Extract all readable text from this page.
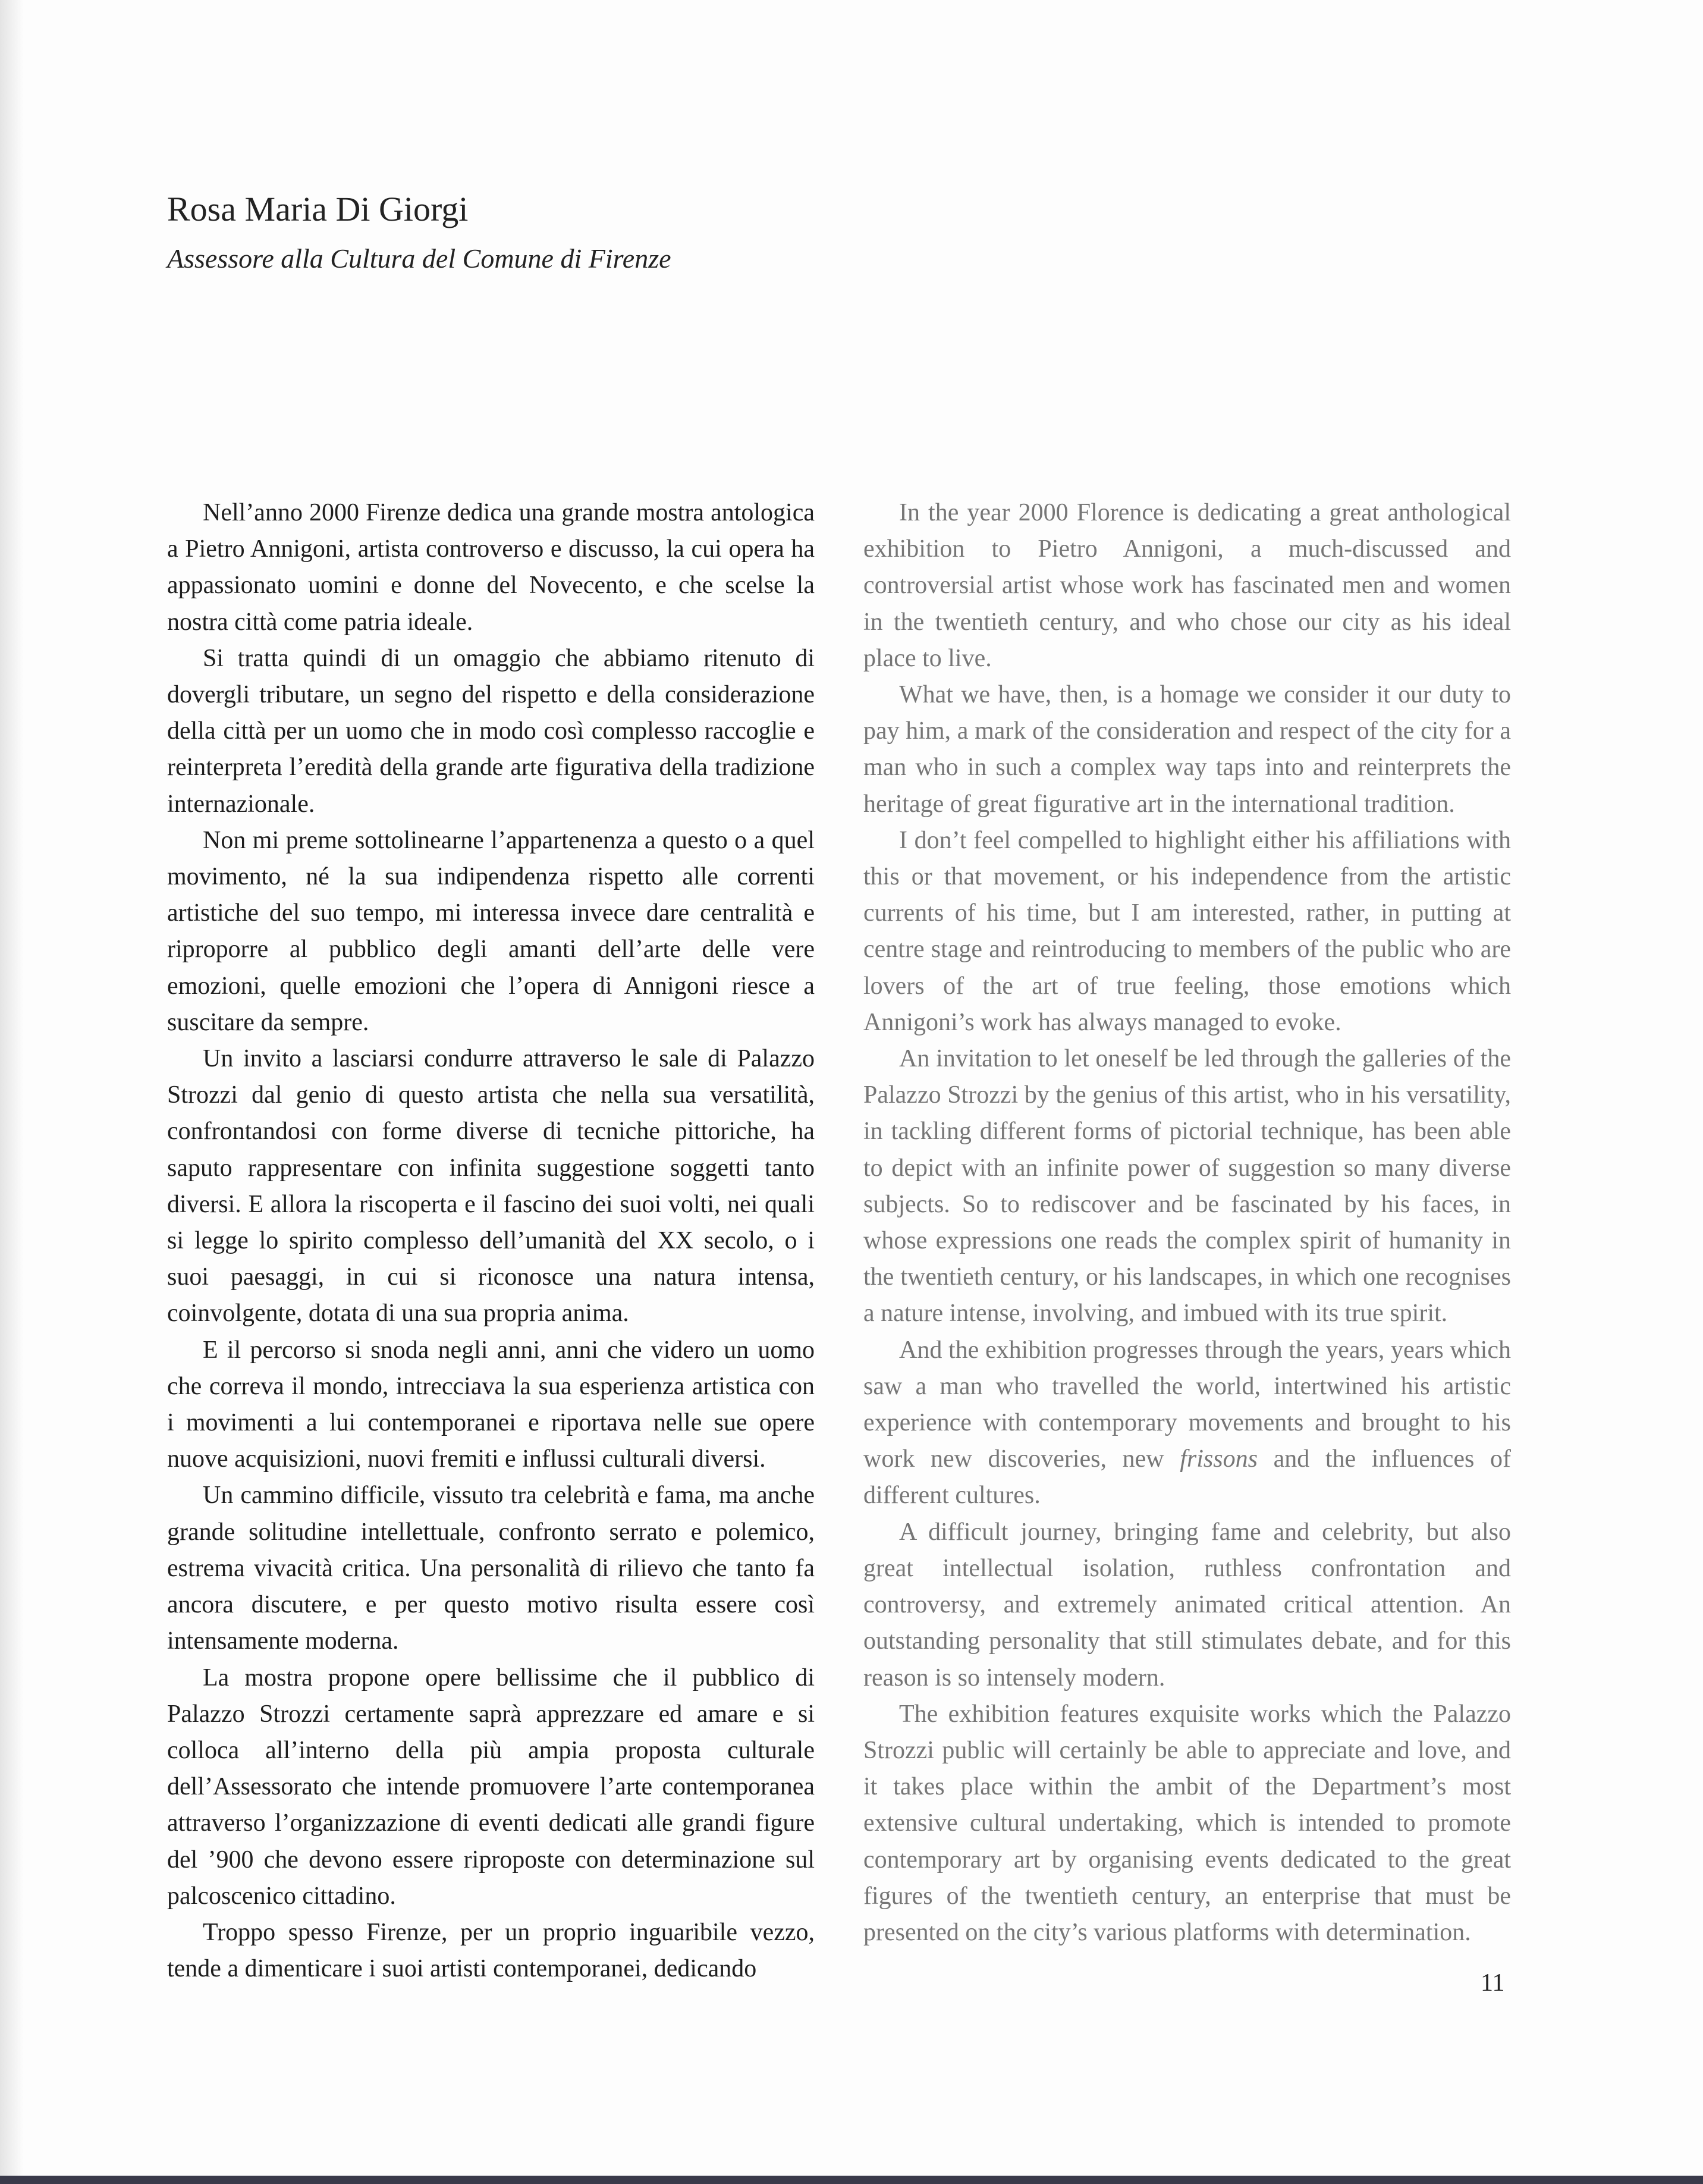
Rosa Maria Di Giorgi
Assessore alla Cultura del Comune di Firenze

Nell’anno 2000 Firenze dedica una grande mostra antologica a Pietro Annigoni, artista controverso e discusso, la cui opera ha appassionato uomini e donne del Novecento, e che scelse la nostra città come patria ideale.

Si tratta quindi di un omaggio che abbiamo ritenuto di dovergli tributare, un segno del rispetto e della considerazione della città per un uomo che in modo così complesso raccoglie e reinterpreta l’eredità della grande arte figurativa della tradizione internazionale.

Non mi preme sottolinearne l’appartenenza a questo o a quel movimento, né la sua indipendenza rispetto alle correnti artistiche del suo tempo, mi interessa invece dare centralità e riproporre al pubblico degli amanti dell’arte delle vere emozioni, quelle emozioni che l’opera di Annigoni riesce a suscitare da sempre.

Un invito a lasciarsi condurre attraverso le sale di Palazzo Strozzi dal genio di questo artista che nella sua versatilità, confrontandosi con forme diverse di tecniche pittoriche, ha saputo rappresentare con infinita suggestione soggetti tanto diversi. E allora la riscoperta e il fascino dei suoi volti, nei quali si legge lo spirito complesso dell’umanità del XX secolo, o i suoi paesaggi, in cui si riconosce una natura intensa, coinvolgente, dotata di una sua propria anima.

E il percorso si snoda negli anni, anni che videro un uomo che correva il mondo, intrecciava la sua esperienza artistica con i movimenti a lui contemporanei e riportava nelle sue opere nuove acquisizioni, nuovi fremiti e influssi culturali diversi.

Un cammino difficile, vissuto tra celebrità e fama, ma anche grande solitudine intellettuale, confronto serrato e polemico, estrema vivacità critica. Una personalità di rilievo che tanto fa ancora discutere, e per questo motivo risulta essere così intensamente moderna.

La mostra propone opere bellissime che il pubblico di Palazzo Strozzi certamente saprà apprezzare ed amare e si colloca all’interno della più ampia proposta culturale dell’Assessorato che intende promuovere l’arte contemporanea attraverso l’organizzazione di eventi dedicati alle grandi figure del ’900 che devono essere riproposte con determinazione sul palcoscenico cittadino.

Troppo spesso Firenze, per un proprio inguaribile vezzo, tende a dimenticare i suoi artisti contemporanei, dedicando

In the year 2000 Florence is dedicating a great anthological exhibition to Pietro Annigoni, a much-discussed and controversial artist whose work has fascinated men and women in the twentieth century, and who chose our city as his ideal place to live.

What we have, then, is a homage we consider it our duty to pay him, a mark of the consideration and respect of the city for a man who in such a complex way taps into and reinterprets the heritage of great figurative art in the international tradition.

I don’t feel compelled to highlight either his affiliations with this or that movement, or his independence from the artistic currents of his time, but I am interested, rather, in putting at centre stage and reintroducing to members of the public who are lovers of the art of true feeling, those emotions which Annigoni’s work has always managed to evoke.

An invitation to let oneself be led through the galleries of the Palazzo Strozzi by the genius of this artist, who in his versatility, in tackling different forms of pictorial technique, has been able to depict with an infinite power of suggestion so many diverse subjects. So to rediscover and be fascinated by his faces, in whose expressions one reads the complex spirit of humanity in the twentieth century, or his landscapes, in which one recognises a nature intense, involving, and imbued with its true spirit.

And the exhibition progresses through the years, years which saw a man who travelled the world, intertwined his artistic experience with contemporary movements and brought to his work new discoveries, new frissons and the influences of different cultures.

A difficult journey, bringing fame and celebrity, but also great intellectual isolation, ruthless confrontation and controversy, and extremely animated critical attention. An outstanding personality that still stimulates debate, and for this reason is so intensely modern.

The exhibition features exquisite works which the Palazzo Strozzi public will certainly be able to appreciate and love, and it takes place within the ambit of the Department’s most extensive cultural undertaking, which is intended to promote contemporary art by organising events dedicated to the great figures of the twentieth century, an enterprise that must be presented on the city’s various platforms with determination.

11
